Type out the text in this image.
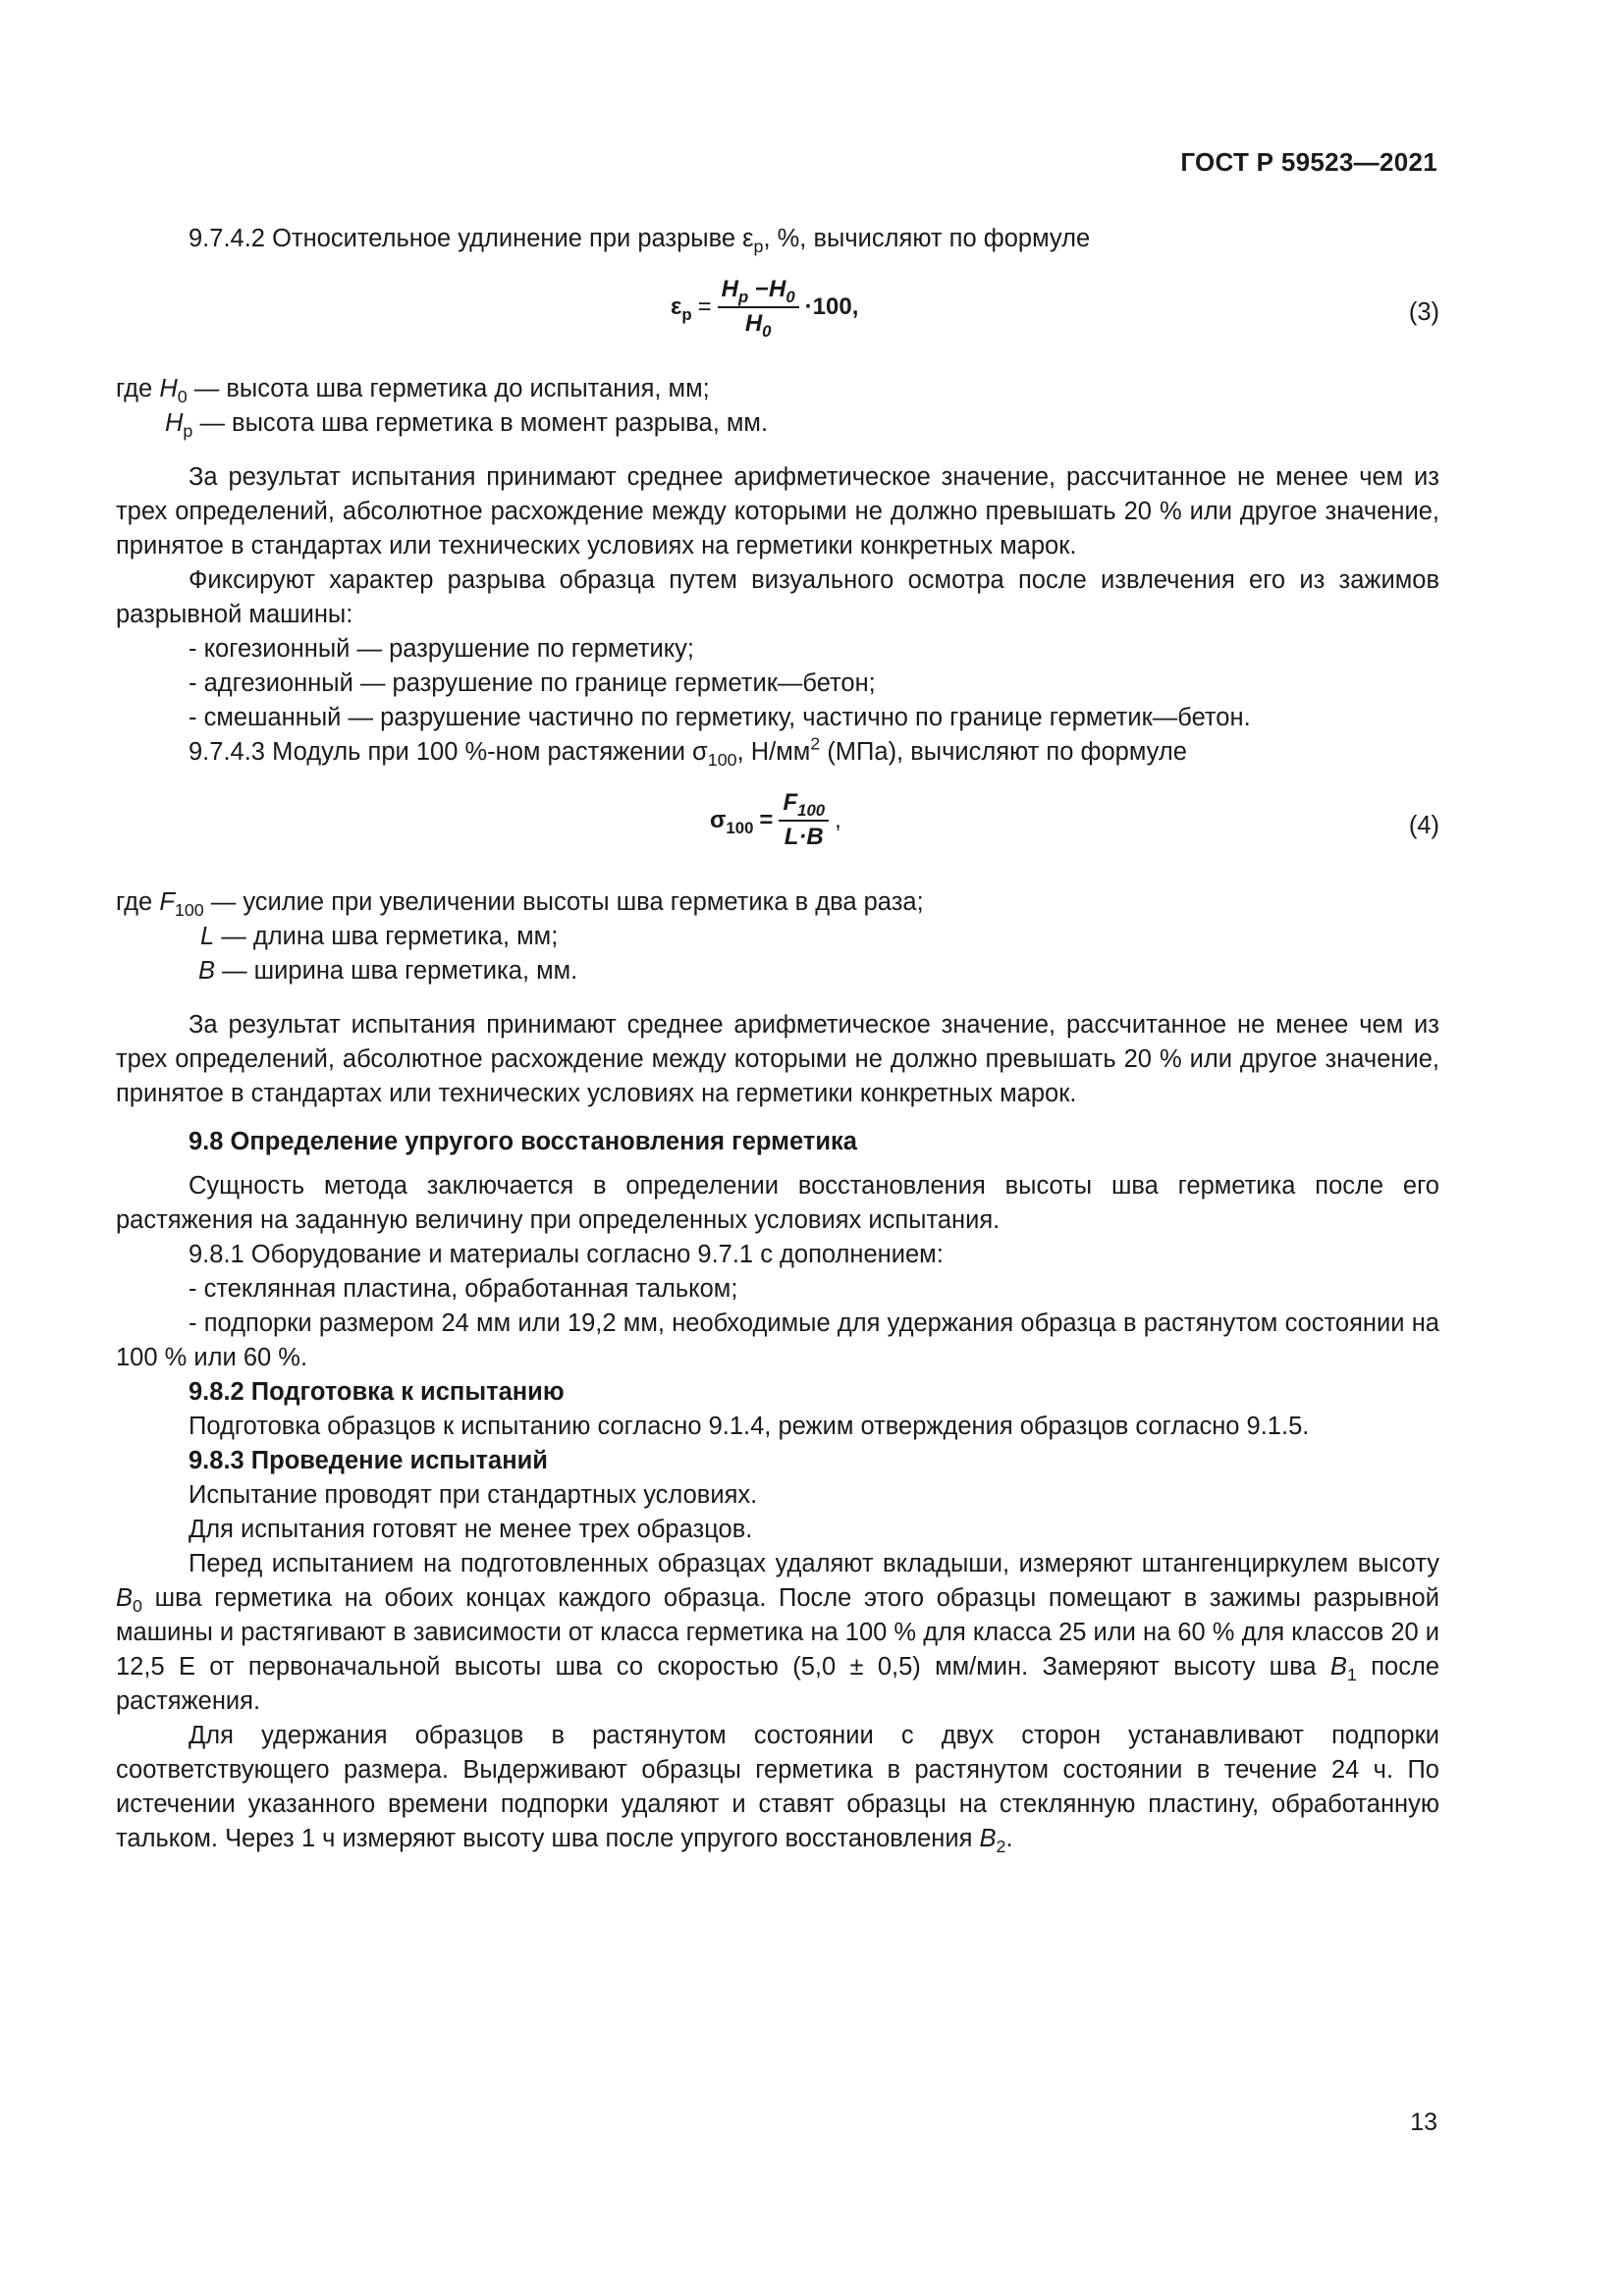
ГОСТ Р 59523—2021

9.7.4.2 Относительное удлинение при разрыве $\varepsilon_р$, %, вычисляют по формуле

$\varepsilon_р = \frac{H_p -H_0}{H_0} \cdot 100$,	(3)

где $H_0$ — высота шва герметика до испытания, мм;
$H_р$ — высота шва герметика в момент разрыва, мм.

За результат испытания принимают среднее арифметическое значение, рассчитанное не менее чем из трех определений, абсолютное расхождение между которыми не должно превышать 20 % или другое значение, принятое в стандартах или технических условиях на герметики конкретных марок.

Фиксируют характер разрыва образца путем визуального осмотра после извлечения его из зажимов разрывной машины:

- когезионный — разрушение по герметику;

- адгезионный — разрушение по границе герметик—бетон;

- смешанный — разрушение частично по герметику, частично по границе герметик—бетон.

9.7.4.3 Модуль при 100 %-ном растяжении $\sigma_{100}$, $Н/мм^2$ (МПа), вычисляют по формуле

$\sigma_{100} = \frac{F_{100}}{L\cdot B}$ ,	(4)

где $F_{100}$ — усилие при увеличении высоты шва герметика в два раза;
L — длина шва герметика, мм;
B — ширина шва герметика, мм.

За результат испытания принимают среднее арифметическое значение, рассчитанное не менее чем из трех определений, абсолютное расхождение между которыми не должно превышать 20 % или другое значение, принятое в стандартах или технических условиях на герметики конкретных марок.

9.8 Определение упругого восстановления герметика

Сущность метода заключается в определении восстановления высоты шва герметика после его растяжения на заданную величину при определенных условиях испытания.

9.8.1 Оборудование и материалы согласно 9.7.1 с дополнением:

- стеклянная пластина, обработанная тальком;

- подпорки размером 24 мм или 19,2 мм, необходимые для удержания образца в растянутом состоянии на 100 % или 60 %.

9.8.2 Подготовка к испытанию

Подготовка образцов к испытанию согласно 9.1.4, режим отверждения образцов согласно 9.1.5.

9.8.3 Проведение испытаний

Испытание проводят при стандартных условиях.

Для испытания готовят не менее трех образцов.

Перед испытанием на подготовленных образцах удаляют вкладыши, измеряют штангенциркулем высоту $B_0$ шва герметика на обоих концах каждого образца. После этого образцы помещают в зажимы разрывной машины и растягивают в зависимости от класса герметика на 100 % для класса 25 или на 60 % для классов 20 и 12,5 Е от первоначальной высоты шва со скоростью (5,0 ± 0,5) мм/мин. Замеряют высоту шва $B_1$ после растяжения.

Для удержания образцов в растянутом состоянии с двух сторон устанавливают подпорки соответствующего размера. Выдерживают образцы герметика в растянутом состоянии в течение 24 ч. По истечении указанного времени подпорки удаляют и ставят образцы на стеклянную пластину, обработанную тальком. Через 1 ч измеряют высоту шва после упругого восстановления $B_2$.

13
